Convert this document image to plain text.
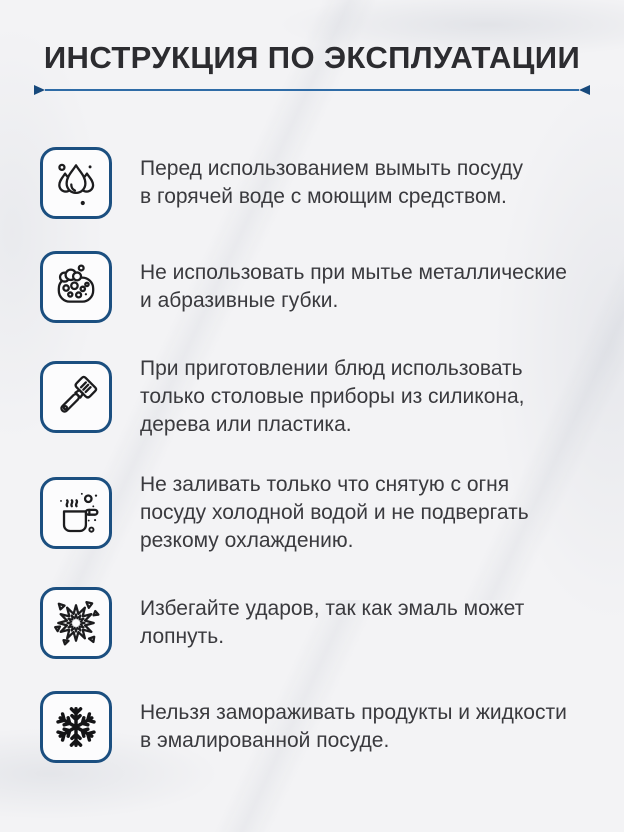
ИНСТРУКЦИЯ ПО ЭКСПЛУАТАЦИИ
Перед использованием вымыть посуду
в горячей воде с моющим средством.
Не использовать при мытье металлические
и абразивные губки.
При приготовлении блюд использовать
только столовые приборы из силикона,
дерева или пластика.
Не заливать только что снятую с огня
посуду холодной водой и не подвергать
резкому охлаждению.
Избегайте ударов, так как эмаль может
лопнуть.
Нельзя замораживать продукты и жидкости
в эмалированной посуде.
